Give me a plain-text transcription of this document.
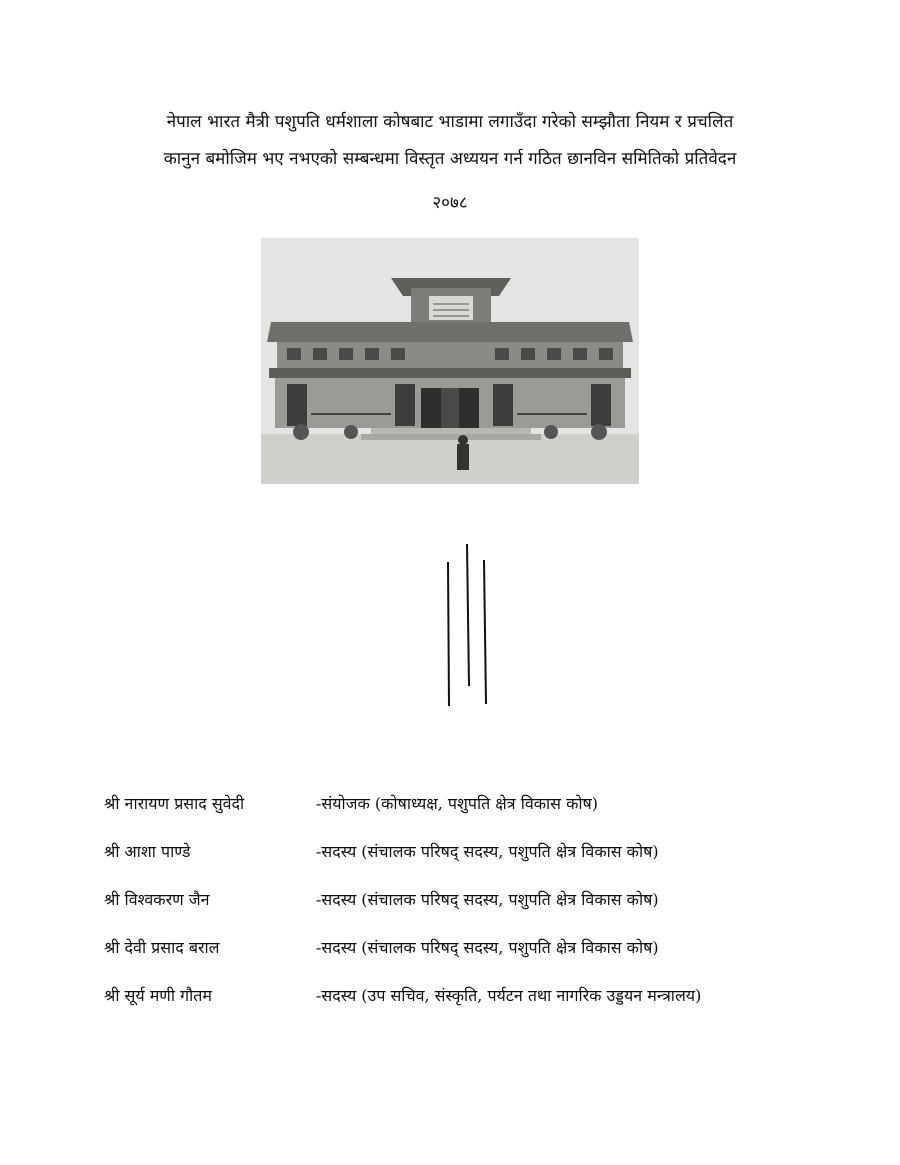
नेपाल भारत मैत्री पशुपति धर्मशाला कोषबाट भाडामा लगाउँदा गरेको सम्झौता नियम र प्रचलित
कानुन बमोजिम भए नभएको सम्बन्धमा विस्तृत अध्ययन गर्न गठित छानविन समितिको प्रतिवेदन
२०७८
श्री नारायण प्रसाद सुवेदी	-संयोजक (कोषाध्यक्ष, पशुपति क्षेत्र विकास कोष)
श्री आशा पाण्डे	-सदस्य (संचालक परिषद् सदस्य, पशुपति क्षेत्र विकास कोष)
श्री विश्वकरण जैन	-सदस्य (संचालक परिषद् सदस्य, पशुपति क्षेत्र विकास कोष)
श्री देवी प्रसाद बराल	-सदस्य (संचालक परिषद् सदस्य, पशुपति क्षेत्र विकास कोष)
श्री सूर्य मणी गौतम	-सदस्य (उप सचिव, संस्कृति, पर्यटन तथा नागरिक उड्डयन मन्त्रालय)
